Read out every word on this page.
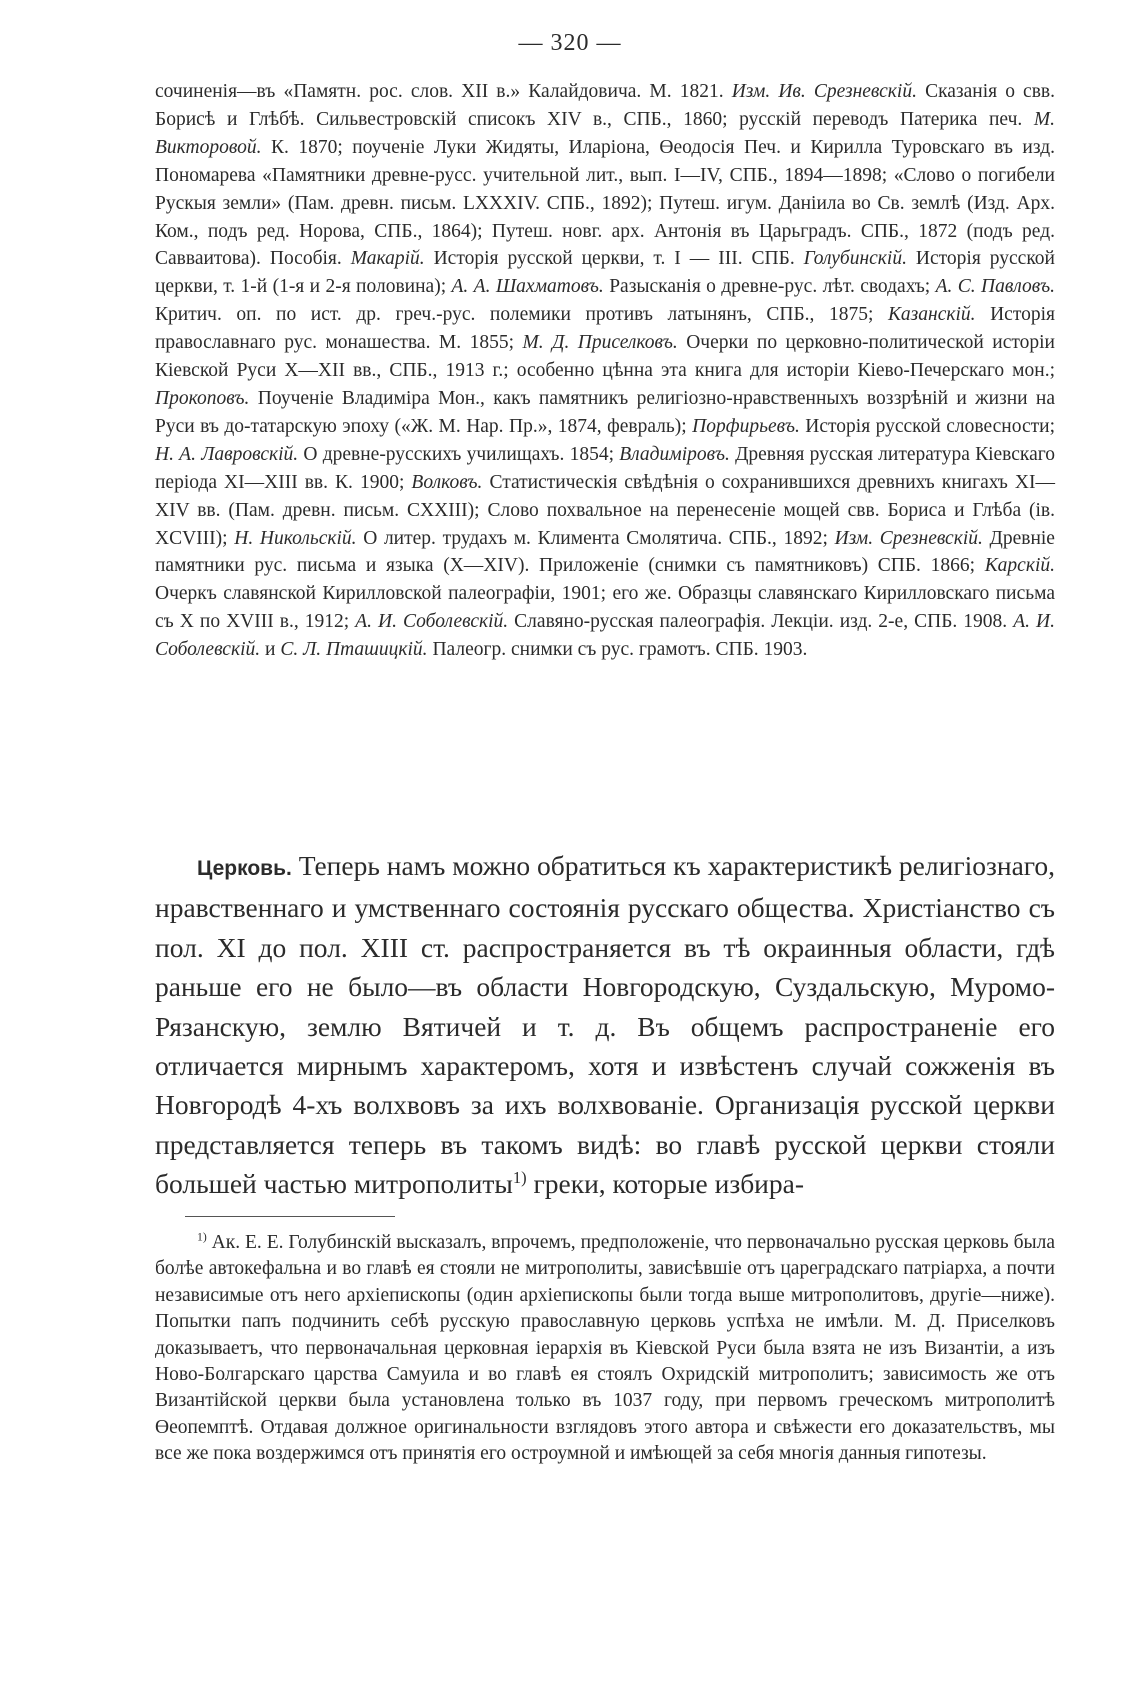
— 320 —

сочиненія—въ «Памятн. рос. слов. XII в.» Калайдовича. М. 1821. Изм. Ив. Срезневскій. Сказанія о свв. Борисѣ и Глѣбѣ. Сильвестровскій списокъ XIV в., СПБ., 1860; русскій переводъ Патерика печ. М. Викторовой. К. 1870; поученіе Луки Жидяты, Иларіона, Өеодосія Печ. и Кирилла Туровскаго въ изд. Пономарева «Памятники древне-русс. учительной лит., вып. I—IV, СПБ., 1894—1898; «Слово о погибели Рускыя земли» (Пам. древн. письм. LXXXIV. СПБ., 1892); Путеш. игум. Даніила во Св. землѣ (Изд. Арх. Ком., подъ ред. Норова, СПБ., 1864); Путеш. новг. арх. Антонія въ Царьградъ. СПБ., 1872 (подъ ред. Савваитова). Пособія. Макарій. Исторія русской церкви, т. I — III. СПБ. Голубинскій. Исторія русской церкви, т. 1-й (1-я и 2-я половина); А. А. Шахматовъ. Разысканія о древне-рус. лѣт. сводахъ; А. С. Павловъ. Критич. оп. по ист. др. греч.-рус. полемики противъ латынянъ, СПБ., 1875; Казанскій. Исторія православнаго рус. монашества. М. 1855; М. Д. Приселковъ. Очерки по церковно-политической исторіи Кіевской Руси X—XII вв., СПБ., 1913 г.; особенно цѣнна эта книга для исторіи Кіево-Печерскаго мон.; Прокоповъ. Поученіе Владиміра Мон., какъ памятникъ религіозно-нравственныхъ воззрѣній и жизни на Руси въ до-татарскую эпоху («Ж. М. Нар. Пр.», 1874, февраль); Порфирьевъ. Исторія русской словесности; Н. А. Лавровскій. О древне-русскихъ училищахъ. 1854; Владиміровъ. Древняя русская литература Кіевскаго періода XI—XIII вв. К. 1900; Волковъ. Статистическія свѣдѣнія о сохранившихся древнихъ книгахъ XI—XIV вв. (Пам. древн. письм. CXXIII); Слово похвальное на перенесеніе мощей свв. Бориса и Глѣба (ів. XCVIII); Н. Никольскій. О литер. трудахъ м. Климента Смолятича. СПБ., 1892; Изм. Срезневскій. Древніе памятники рус. письма и языка (X—XIV). Приложеніе (снимки съ памятниковъ) СПБ. 1866; Карскій. Очеркъ славянской Кирилловской палеографіи, 1901; его же. Образцы славянскаго Кирилловскаго письма съ X по XVIII в., 1912; А. И. Соболевскій. Славяно-русская палеографія. Лекціи. изд. 2-е, СПБ. 1908. А. И. Соболевскій. и С. Л. Пташицкій. Палеогр. снимки съ рус. грамотъ. СПБ. 1903.

Церковь. Теперь намъ можно обратиться къ характеристикѣ религіознаго, нравственнаго и умственнаго состоянія русскаго общества. Христіанство съ пол. XI до пол. XIII ст. распространяется въ тѣ окраинныя области, гдѣ раньше его не было—въ области Новгородскую, Суздальскую, Муромо-Рязанскую, землю Вятичей и т. д. Въ общемъ распространеніе его отличается мирнымъ характеромъ, хотя и извѣстенъ случай сожженія въ Новгородѣ 4-хъ волхвовъ за ихъ волхвованіе. Организація русской церкви представляется теперь въ такомъ видѣ: во главѣ русской церкви стояли большей частью митрополиты$^{1)}$ греки, которые избира-

$^{1)}$ Ак. Е. Е. Голубинскій высказалъ, впрочемъ, предположеніе, что первоначально русская церковь была болѣе автокефальна и во главѣ ея стояли не митрополиты, зависѣвшіе отъ цареградскаго патріарха, а почти независимые отъ него архіепископы (один архіепископы были тогда выше митрополитовъ, другіе—ниже). Попытки папъ подчинить себѣ русскую православную церковь успѣха не имѣли. М. Д. Приселковъ доказываетъ, что первоначальная церковная іерархія въ Кіевской Руси была взята не изъ Византіи, а изъ Ново-Болгарскаго царства Самуила и во главѣ ея стоялъ Охридскій митрополитъ; зависимость же отъ Византійской церкви была установлена только въ 1037 году, при первомъ греческомъ митрополитѣ Өеопемптѣ. Отдавая должное оригинальности взглядовъ этого автора и свѣжести его доказательствъ, мы все же пока воздержимся отъ принятія его остроумной и имѣющей за себя многія данныя гипотезы.
